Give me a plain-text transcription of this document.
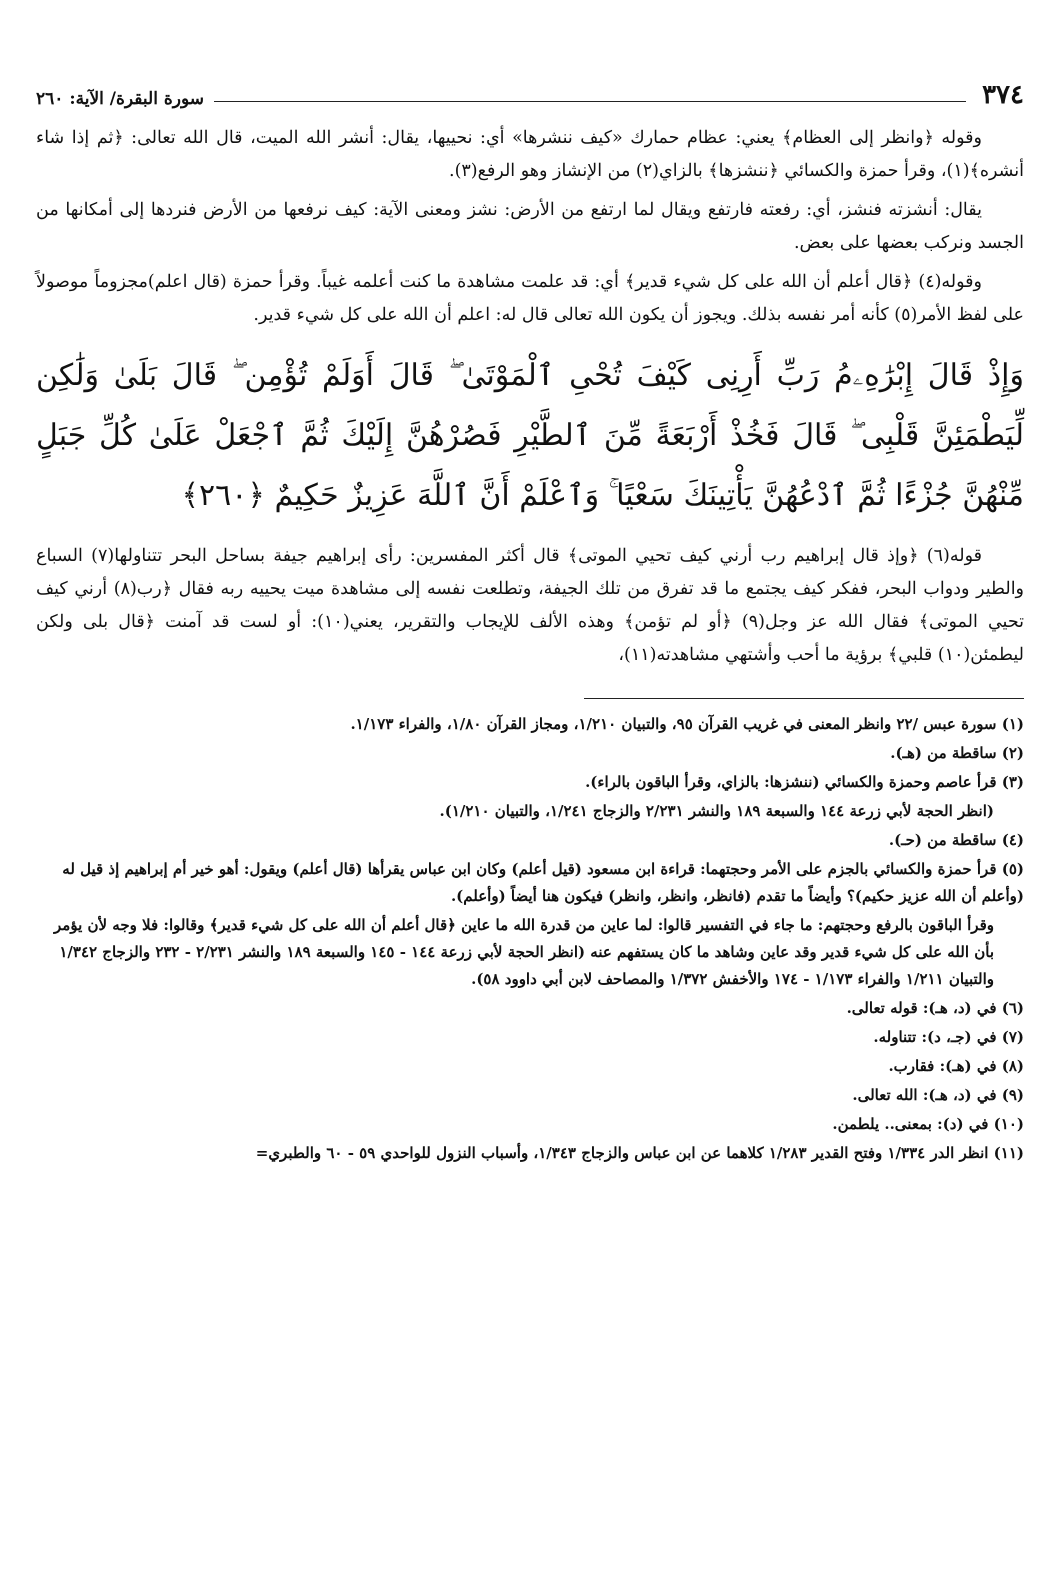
٣٧٤
سورة البقرة/ الآية: ٢٦٠

وقوله ﴿وانظر إلى العظام﴾ يعني: عظام حمارك «كيف ننشرها» أي: نحييها، يقال: أنشر الله الميت، قال الله تعالى: ﴿ثم إذا شاء أنشره﴾(١)، وقرأ حمزة والكسائي ﴿ننشزها﴾ بالزاي(٢) من الإنشاز وهو الرفع(٣).

يقال: أنشزته فنشز، أي: رفعته فارتفع ويقال لما ارتفع من الأرض: نشز ومعنى الآية: كيف نرفعها من الأرض فنردها إلى أمكانها من الجسد ونركب بعضها على بعض.

وقوله(٤) ﴿قال أعلم أن الله على كل شيء قدير﴾ أي: قد علمت مشاهدة ما كنت أعلمه غيباً. وقرأ حمزة (قال اعلم)مجزوماً موصولاً على لفظ الأمر(٥) كأنه أمر نفسه بذلك. ويجوز أن يكون الله تعالى قال له: اعلم أن الله على كل شيء قدير.

وَإِذْ قَالَ إِبْرَٰهِۦمُ رَبِّ أَرِنِى كَيْفَ تُحْىِ ٱلْمَوْتَىٰ ۖ قَالَ أَوَلَمْ تُؤْمِن ۖ قَالَ بَلَىٰ وَلَٰكِن لِّيَطْمَئِنَّ قَلْبِى ۖ قَالَ فَخُذْ أَرْبَعَةً مِّنَ ٱلطَّيْرِ فَصُرْهُنَّ إِلَيْكَ ثُمَّ ٱجْعَلْ عَلَىٰ كُلِّ جَبَلٍ مِّنْهُنَّ جُزْءًا ثُمَّ ٱدْعُهُنَّ يَأْتِينَكَ سَعْيًا ۚ وَٱعْلَمْ أَنَّ ٱللَّهَ عَزِيزٌ حَكِيمٌ ﴿٢٦٠﴾

قوله(٦) ﴿وإذ قال إبراهيم رب أرني كيف تحيي الموتى﴾ قال أكثر المفسرين: رأى إبراهيم جيفة بساحل البحر تتناولها(٧) السباع والطير ودواب البحر، ففكر كيف يجتمع ما قد تفرق من تلك الجيفة، وتطلعت نفسه إلى مشاهدة ميت يحييه ربه فقال ﴿رب(٨) أرني كيف تحيي الموتى﴾ فقال الله عز وجل(٩) ﴿أو لم تؤمن﴾ وهذه الألف للإيجاب والتقرير، يعني(١٠): أو لست قد آمنت ﴿قال بلى ولكن ليطمئن(١٠) قلبي﴾ برؤية ما أحب وأشتهي مشاهدته(١١)،

(١) سورة عبس /٢٢ وانظر المعنى في غريب القرآن ٩٥، والتبيان ١/٢١٠، ومجاز القرآن ١/٨٠، والفراء ١/١٧٣.

(٢) ساقطة من (هـ).

(٣) قرأ عاصم وحمزة والكسائي (ننشزها: بالزاي، وقرأ الباقون بالراء).

(انظر الحجة لأبي زرعة ١٤٤ والسبعة ١٨٩ والنشر ٢/٢٣١ والزجاج ١/٢٤١، والتبيان ١/٢١٠).

(٤) ساقطة من (حـ).

(٥) قرأ حمزة والكسائي بالجزم على الأمر وحجتهما: قراءة ابن مسعود (قيل أعلم) وكان ابن عباس يقرأها (قال أعلم) ويقول: أهو خير أم إبراهيم إذ قيل له (وأعلم أن الله عزيز حكيم)؟ وأيضاً ما تقدم (فانظر، وانظر، وانظر) فيكون هنا أيضاً (وأعلم).

وقرأ الباقون بالرفع وحجتهم: ما جاء في التفسير قالوا: لما عاين من قدرة الله ما عاين ﴿قال أعلم أن الله على كل شيء قدير﴾ وقالوا: فلا وجه لأن يؤمر بأن الله على كل شيء قدير وقد عاين وشاهد ما كان يستفهم عنه (انظر الحجة لأبي زرعة ١٤٤ - ١٤٥ والسبعة ١٨٩ والنشر ٢/٢٣١ - ٢٣٢ والزجاج ١/٣٤٢ والتبيان ١/٢١١ والفراء ١/١٧٣ - ١٧٤ والأخفش ١/٣٧٢ والمصاحف لابن أبي داوود ٥٨).

(٦) في (د، هـ): قوله تعالى.

(٧) في (جـ، د): تتناوله.

(٨) في (هـ): فقارب.

(٩) في (د، هـ): الله تعالى.

(١٠) في (د): بمعنى.. يلطمن.

(١١) انظر الدر ١/٣٣٤ وفتح القدير ١/٢٨٣ كلاهما عن ابن عباس والزجاج ١/٣٤٣، وأسباب النزول للواحدي ٥٩ - ٦٠ والطبري=
